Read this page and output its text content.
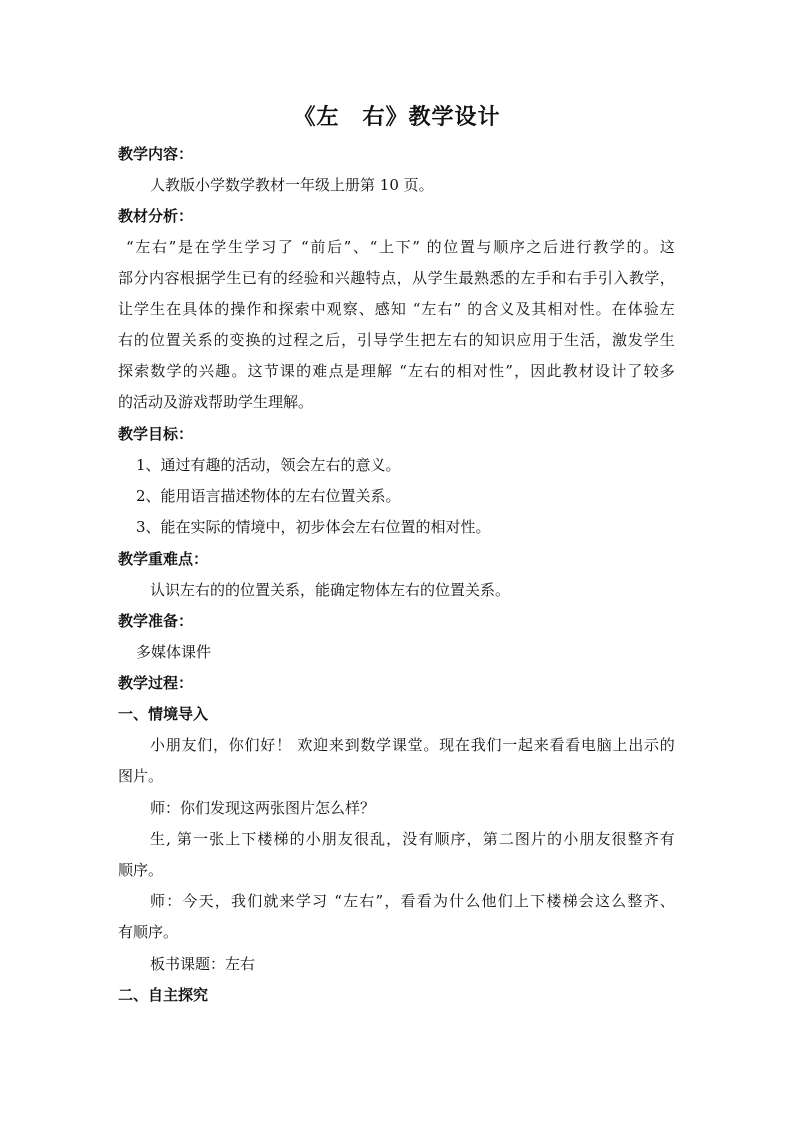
《左　右》教学设计
教学内容：
人教版小学数学教材一年级上册第 10 页。
教材分析：
“左右”是在学生学习了 “前后”、“上下” 的位置与顺序之后进行教学的。这
部分内容根据学生已有的经验和兴趣特点，从学生最熟悉的左手和右手引入教学，
让学生在具体的操作和探索中观察、感知 “左右” 的含义及其相对性。在体验左
右的位置关系的变换的过程之后，引导学生把左右的知识应用于生活，激发学生
探索数学的兴趣。这节课的难点是理解 “左右的相对性”，因此教材设计了较多
的活动及游戏帮助学生理解。
教学目标：
1、通过有趣的活动，领会左右的意义。
2、能用语言描述物体的左右位置关系。
3、能在实际的情境中，初步体会左右位置的相对性。
教学重难点：
认识左右的的位置关系，能确定物体左右的位置关系。
教学准备：
多媒体课件
教学过程：
一、情境导入
小朋友们，你们好！ 欢迎来到数学课堂。现在我们一起来看看电脑上出示的
图片。
师：你们发现这两张图片怎么样？
生, 第一张上下楼梯的小朋友很乱，没有顺序，第二图片的小朋友很整齐有
顺序。
师：今天，我们就来学习 “左右”，看看为什么他们上下楼梯会这么整齐、
有顺序。
板书课题：左右
二、自主探究
